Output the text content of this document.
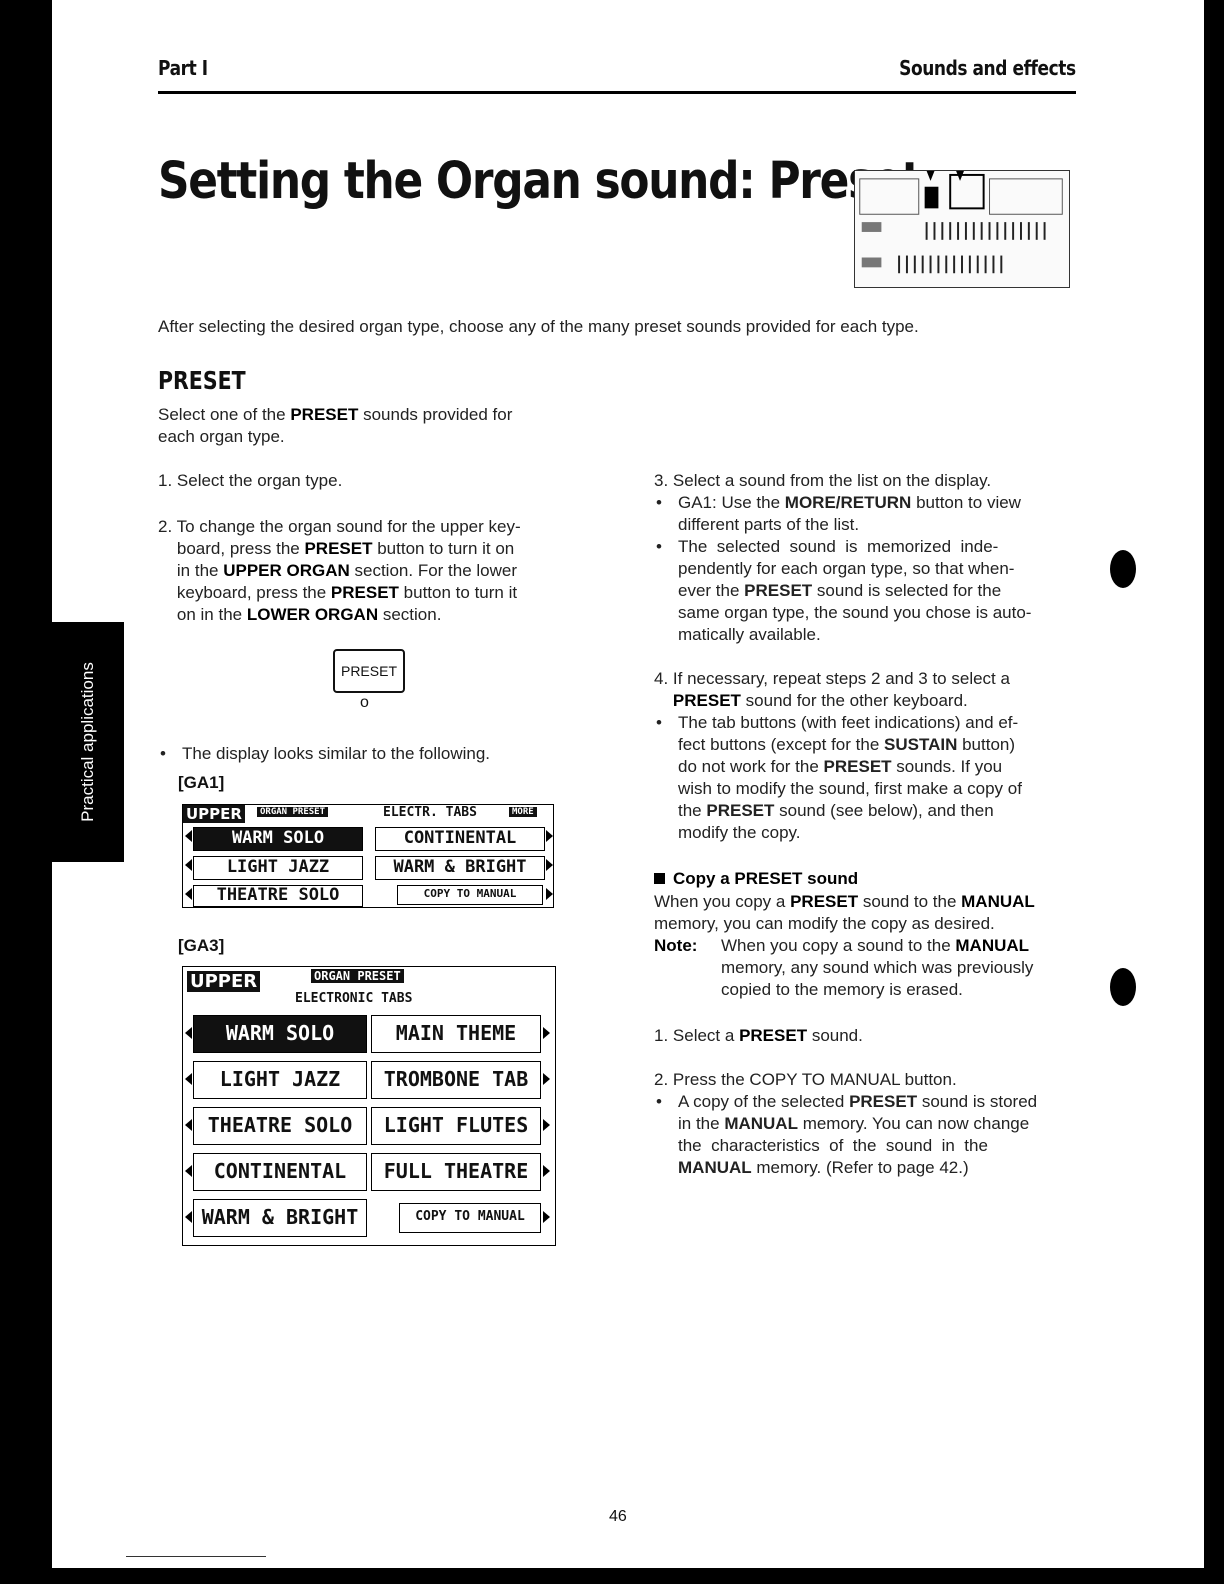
Practical applications
Part I	Sounds and effects
Setting the Organ sound: Preset
After selecting the desired organ type, choose any of the many preset sounds provided for each type.
PRESET
Select one of the PRESET sounds provided for
each organ type.
1. Select the organ type.
2. To change the organ sound for the upper key-
board, press the PRESET button to turn it on
in the UPPER ORGAN section. For the lower
keyboard, press the PRESET button to turn it
on in the LOWER ORGAN section.
PRESET
o
• The display looks similar to the following.
[GA1]
UPPER	ORGAN PRESET	ELECTR. TABS	MORE
WARM SOLO	CONTINENTAL
LIGHT JAZZ	WARM & BRIGHT
THEATRE SOLO	COPY TO MANUAL
[GA3]
UPPER	ORGAN PRESET
ELECTRONIC TABS
WARM SOLO	MAIN THEME
LIGHT JAZZ	TROMBONE TAB
THEATRE SOLO	LIGHT FLUTES
CONTINENTAL	FULL THEATRE
WARM & BRIGHT	COPY TO MANUAL
3. Select a sound from the list on the display.
• GA1: Use the MORE/RETURN button to view
different parts of the list.
• The  selected  sound  is  memorized  inde-
pendently for each organ type, so that when-
ever the PRESET sound is selected for the
same organ type, the sound you chose is auto-
matically available.
4. If necessary, repeat steps 2 and 3 to select a
PRESET sound for the other keyboard.
• The tab buttons (with feet indications) and ef-
fect buttons (except for the SUSTAIN button)
do not work for the PRESET sounds. If you
wish to modify the sound, first make a copy of
the PRESET sound (see below), and then
modify the copy.
Copy a PRESET sound
When you copy a PRESET sound to the MANUAL
memory, you can modify the copy as desired.
Note: When you copy a sound to the MANUAL
memory, any sound which was previously
copied to the memory is erased.
1. Select a PRESET sound.
2. Press the COPY TO MANUAL button.
• A copy of the selected PRESET sound is stored
in the MANUAL memory. You can now change
the  characteristics  of  the  sound  in  the
MANUAL memory. (Refer to page 42.)
46
